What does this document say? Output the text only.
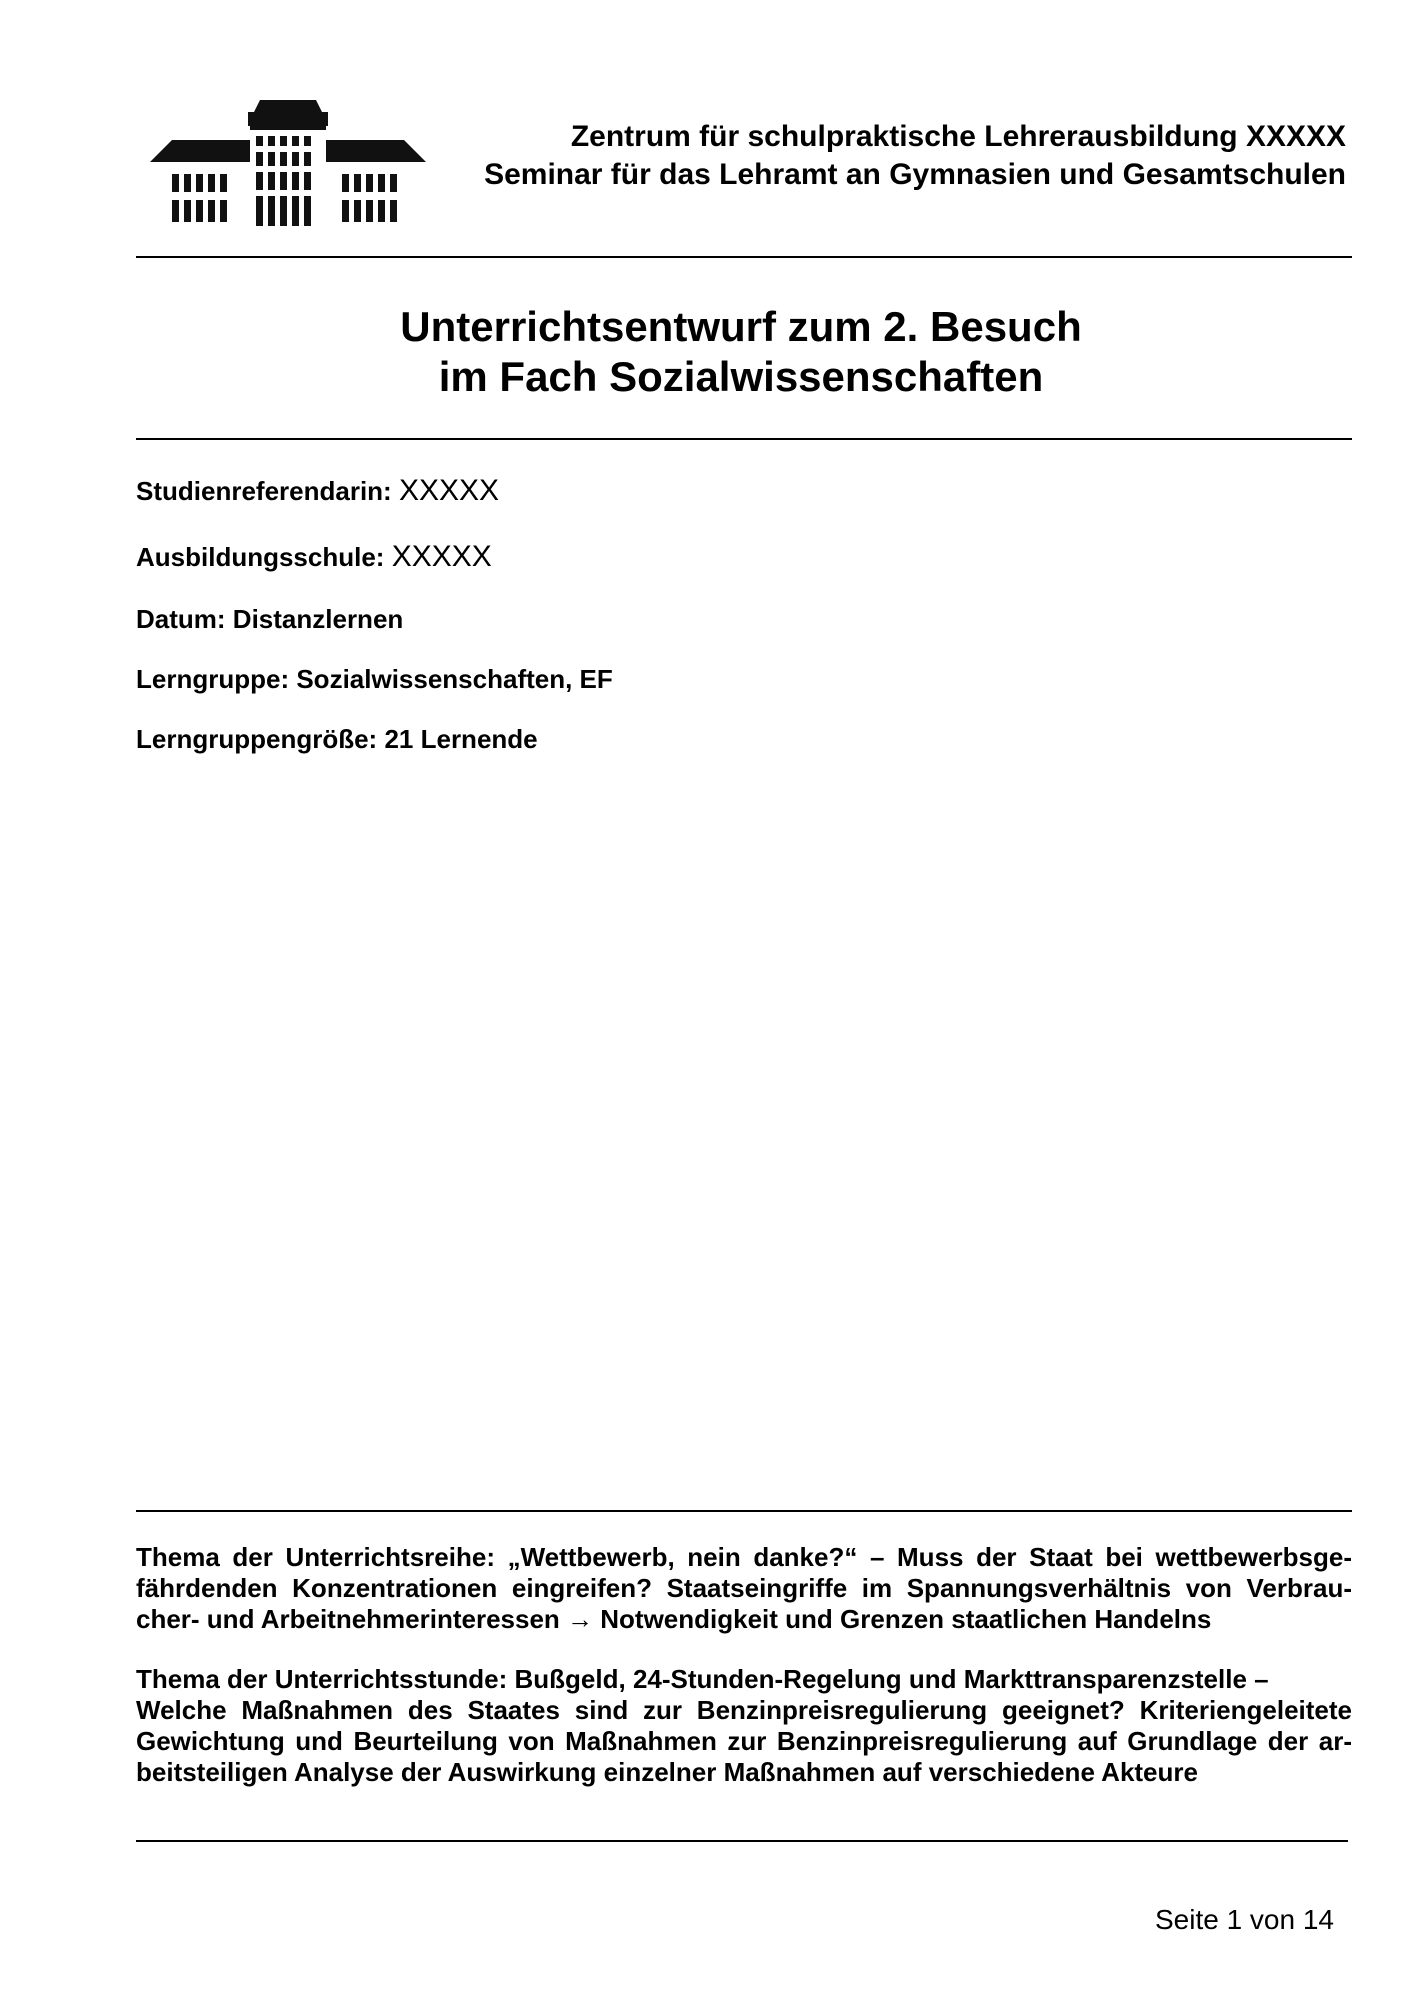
Zentrum für schulpraktische Lehrerausbildung XXXXX
Seminar für das Lehramt an Gymnasien und Gesamtschulen
Unterrichtsentwurf zum 2. Besuch
im Fach Sozialwissenschaften
Studienreferendarin: XXXXX
Ausbildungsschule: XXXXX
Datum: Distanzlernen
Lerngruppe: Sozialwissenschaften, EF
Lerngruppengröße: 21 Lernende
Thema der Unterrichtsreihe: „Wettbewerb, nein danke?“ – Muss der Staat bei wettbewerbsge-
fährdenden Konzentrationen eingreifen? Staatseingriffe im Spannungsverhältnis von Verbrau-
cher- und Arbeitnehmerinteressen → Notwendigkeit und Grenzen staatlichen Handelns
Thema der Unterrichtsstunde: Bußgeld, 24-Stunden-Regelung und Markttransparenzstelle –
Welche Maßnahmen des Staates sind zur Benzinpreisregulierung geeignet? Kriteriengeleitete
Gewichtung und Beurteilung von Maßnahmen zur Benzinpreisregulierung auf Grundlage der ar-
beitsteiligen Analyse der Auswirkung einzelner Maßnahmen auf verschiedene Akteure
Seite 1 von 14
